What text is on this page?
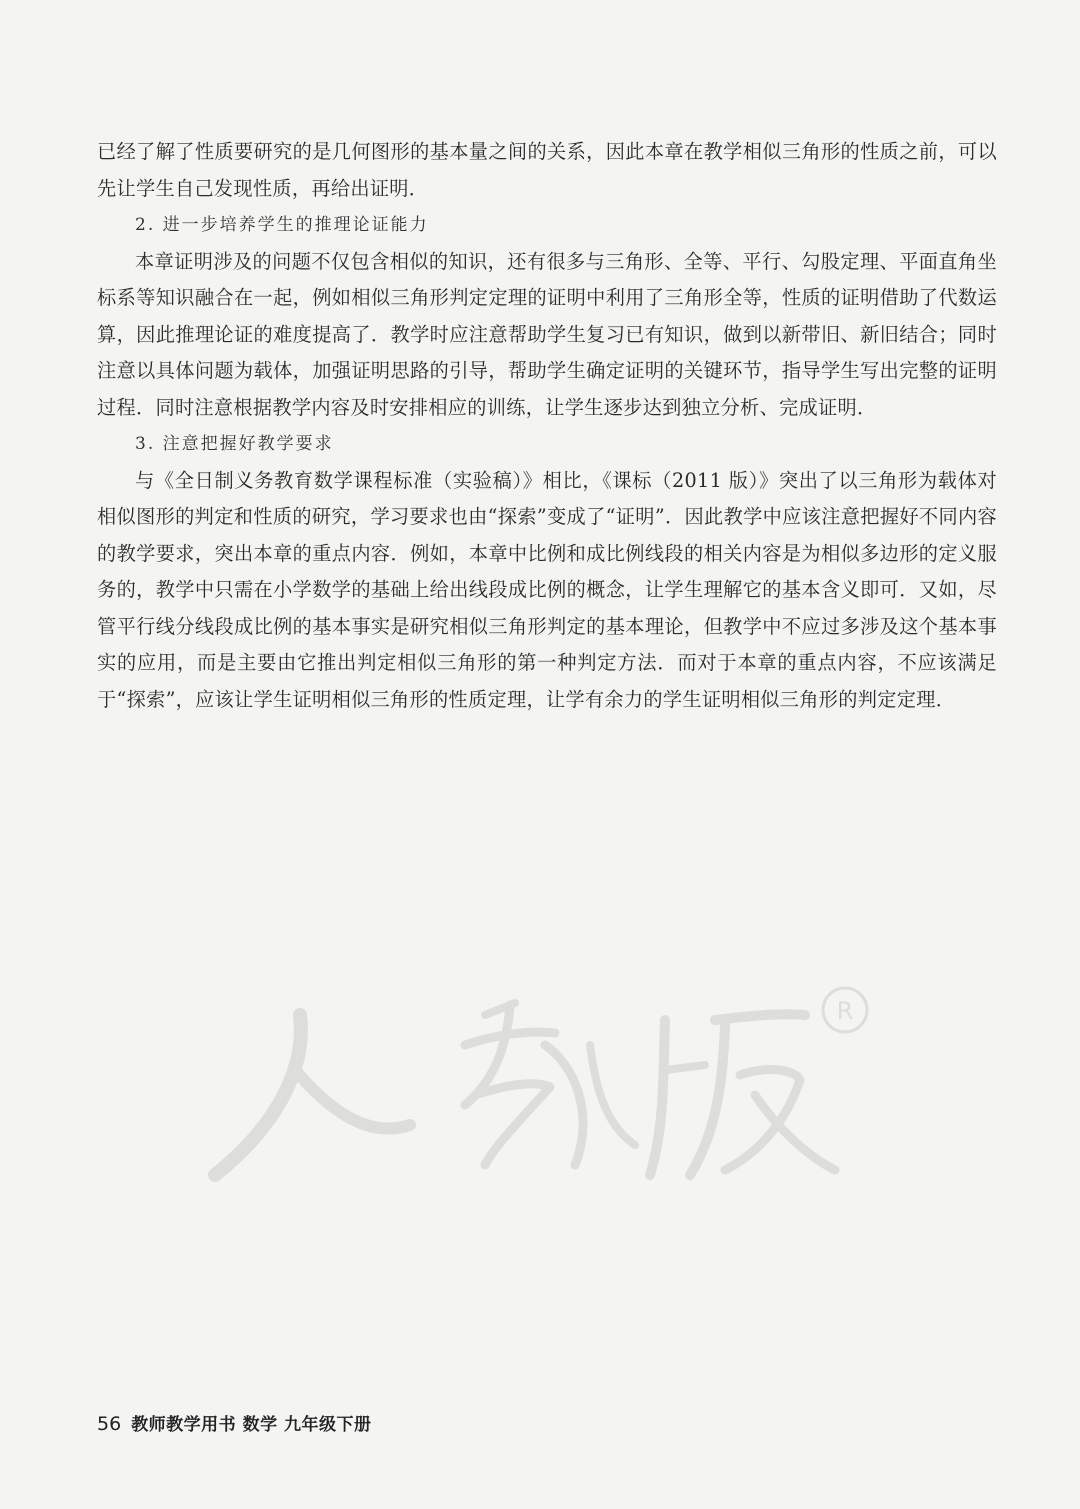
已经了解了性质要研究的是几何图形的基本量之间的关系，因此本章在教学相似三角形的性质之前，可以先让学生自己发现性质，再给出证明．

2. 进一步培养学生的推理论证能力

本章证明涉及的问题不仅包含相似的知识，还有很多与三角形、全等、平行、勾股定理、平面直角坐标系等知识融合在一起，例如相似三角形判定定理的证明中利用了三角形全等，性质的证明借助了代数运算，因此推理论证的难度提高了．教学时应注意帮助学生复习已有知识，做到以新带旧、新旧结合；同时注意以具体问题为载体，加强证明思路的引导，帮助学生确定证明的关键环节，指导学生写出完整的证明过程．同时注意根据教学内容及时安排相应的训练，让学生逐步达到独立分析、完成证明．

3. 注意把握好教学要求

与《全日制义务教育数学课程标准（实验稿）》相比，《课标（2011 版）》突出了以三角形为载体对相似图形的判定和性质的研究，学习要求也由“探索”变成了“证明”．因此教学中应该注意把握好不同内容的教学要求，突出本章的重点内容．例如，本章中比例和成比例线段的相关内容是为相似多边形的定义服务的，教学中只需在小学数学的基础上给出线段成比例的概念，让学生理解它的基本含义即可．又如，尽管平行线分线段成比例的基本事实是研究相似三角形判定的基本理论，但教学中不应过多涉及这个基本事实的应用，而是主要由它推出判定相似三角形的第一种判定方法．而对于本章的重点内容，不应该满足于“探索”，应该让学生证明相似三角形的性质定理，让学有余力的学生证明相似三角形的判定定理．

R
56 教师教学用书 数学 九年级下册
